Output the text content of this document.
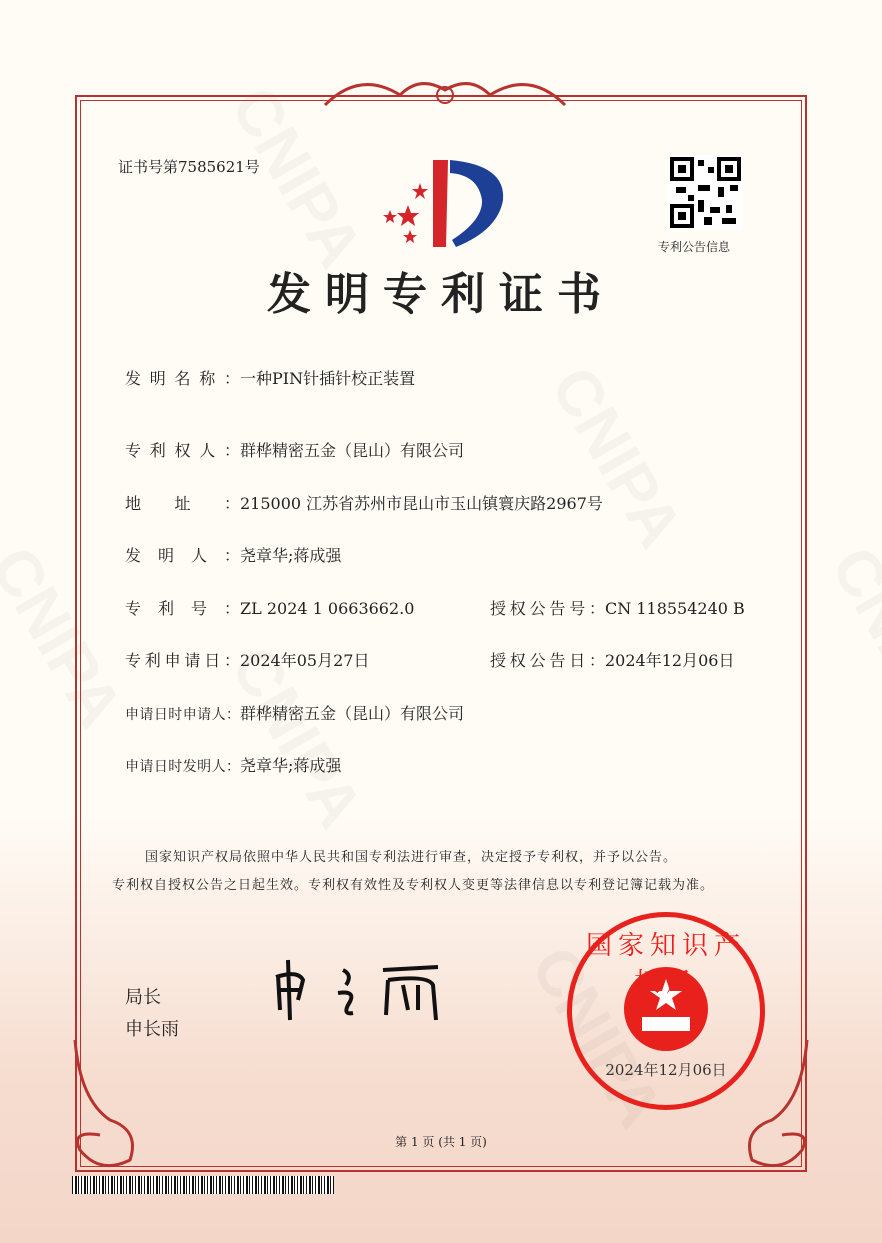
证书号第7585621号
专利公告信息
发明专利证书
发明名称：一种PIN针插针校正装置
专利权人：群桦精密五金（昆山）有限公司
地址：215000 江苏省苏州市昆山市玉山镇寰庆路2967号
发明人：尧章华;蒋成强
专利号：ZL 2024 1 0663662.0
专利申请日：2024年05月27日
申请日时申请人：群桦精密五金（昆山）有限公司
申请日时发明人：尧章华;蒋成强
授权公告号：CN 118554240 B
授权公告日：2024年12月06日
国家知识产权局依照中华人民共和国专利法进行审查，决定授予专利权，并予以公告。
专利权自授权公告之日起生效。专利权有效性及专利权人变更等法律信息以专利登记簿记载为准。
局长
申长雨
国家知识产权局
2024年12月06日
第 1 页 (共 1 页)
